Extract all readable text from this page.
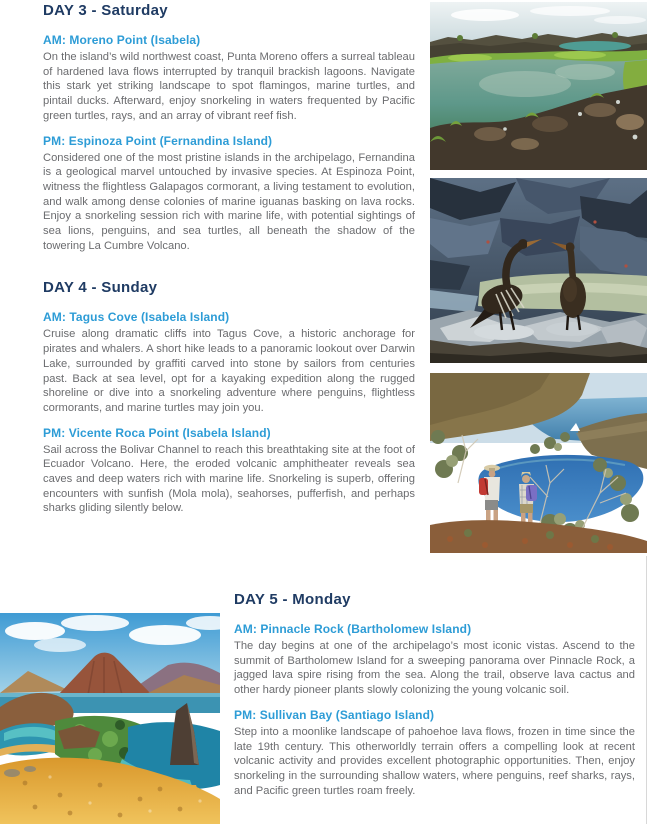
DAY 3 - Saturday
AM: Moreno Point (Isabela)

On the island’s wild northwest coast, Punta Moreno offers a surreal tableau of hardened lava flows interrupted by tranquil brackish lagoons. Navigate this stark yet striking landscape to spot flamingos, marine turtles, and pintail ducks. Afterward, enjoy snorkeling in waters frequented by Pacific green turtles, rays, and an array of vibrant reef fish.

PM: Espinoza Point (Fernandina Island)

Considered one of the most pristine islands in the archipelago, Fernandina is a geological marvel untouched by invasive species. At Espinoza Point, witness the flightless Galapagos cormorant, a living testament to evolution, and walk among dense colonies of marine iguanas basking on lava rocks. Enjoy a snorkeling session rich with marine life, with potential sightings of sea lions, penguins, and sea turtles, all beneath the shadow of the towering La Cumbre Volcano.

DAY 4 - Sunday
AM: Tagus Cove (Isabela Island)

Cruise along dramatic cliffs into Tagus Cove, a historic anchorage for pirates and whalers. A short hike leads to a panoramic lookout over Darwin Lake, surrounded by graffiti carved into stone by sailors from centuries past. Back at sea level, opt for a kayaking expedition along the rugged shoreline or dive into a snorkeling adventure where penguins, flightless cormorants, and marine turtles may join you.

PM: Vicente Roca Point (Isabela Island)

Sail across the Bolivar Channel to reach this breathtaking site at the foot of Ecuador Volcano. Here, the eroded volcanic amphitheater reveals sea caves and deep waters rich with marine life. Snorkeling is superb, offering encounters with sunfish (Mola mola), seahorses, pufferfish, and perhaps sharks gliding silently below.

DAY 5 - Monday
AM: Pinnacle Rock (Bartholomew Island)

The day begins at one of the archipelago’s most iconic vistas. Ascend to the summit of Bartholomew Island for a sweeping panorama over Pinnacle Rock, a jagged lava spire rising from the sea. Along the trail, observe lava cactus and other hardy pioneer plants slowly colonizing the young volcanic soil.

PM: Sullivan Bay (Santiago Island)

Step into a moonlike landscape of pahoehoe lava flows, frozen in time since the late 19th century. This otherworldly terrain offers a compelling look at recent volcanic activity and provides excellent photographic opportunities. Then, enjoy snorkeling in the surrounding shallow waters, where penguins, reef sharks, rays, and Pacific green turtles roam freely.
